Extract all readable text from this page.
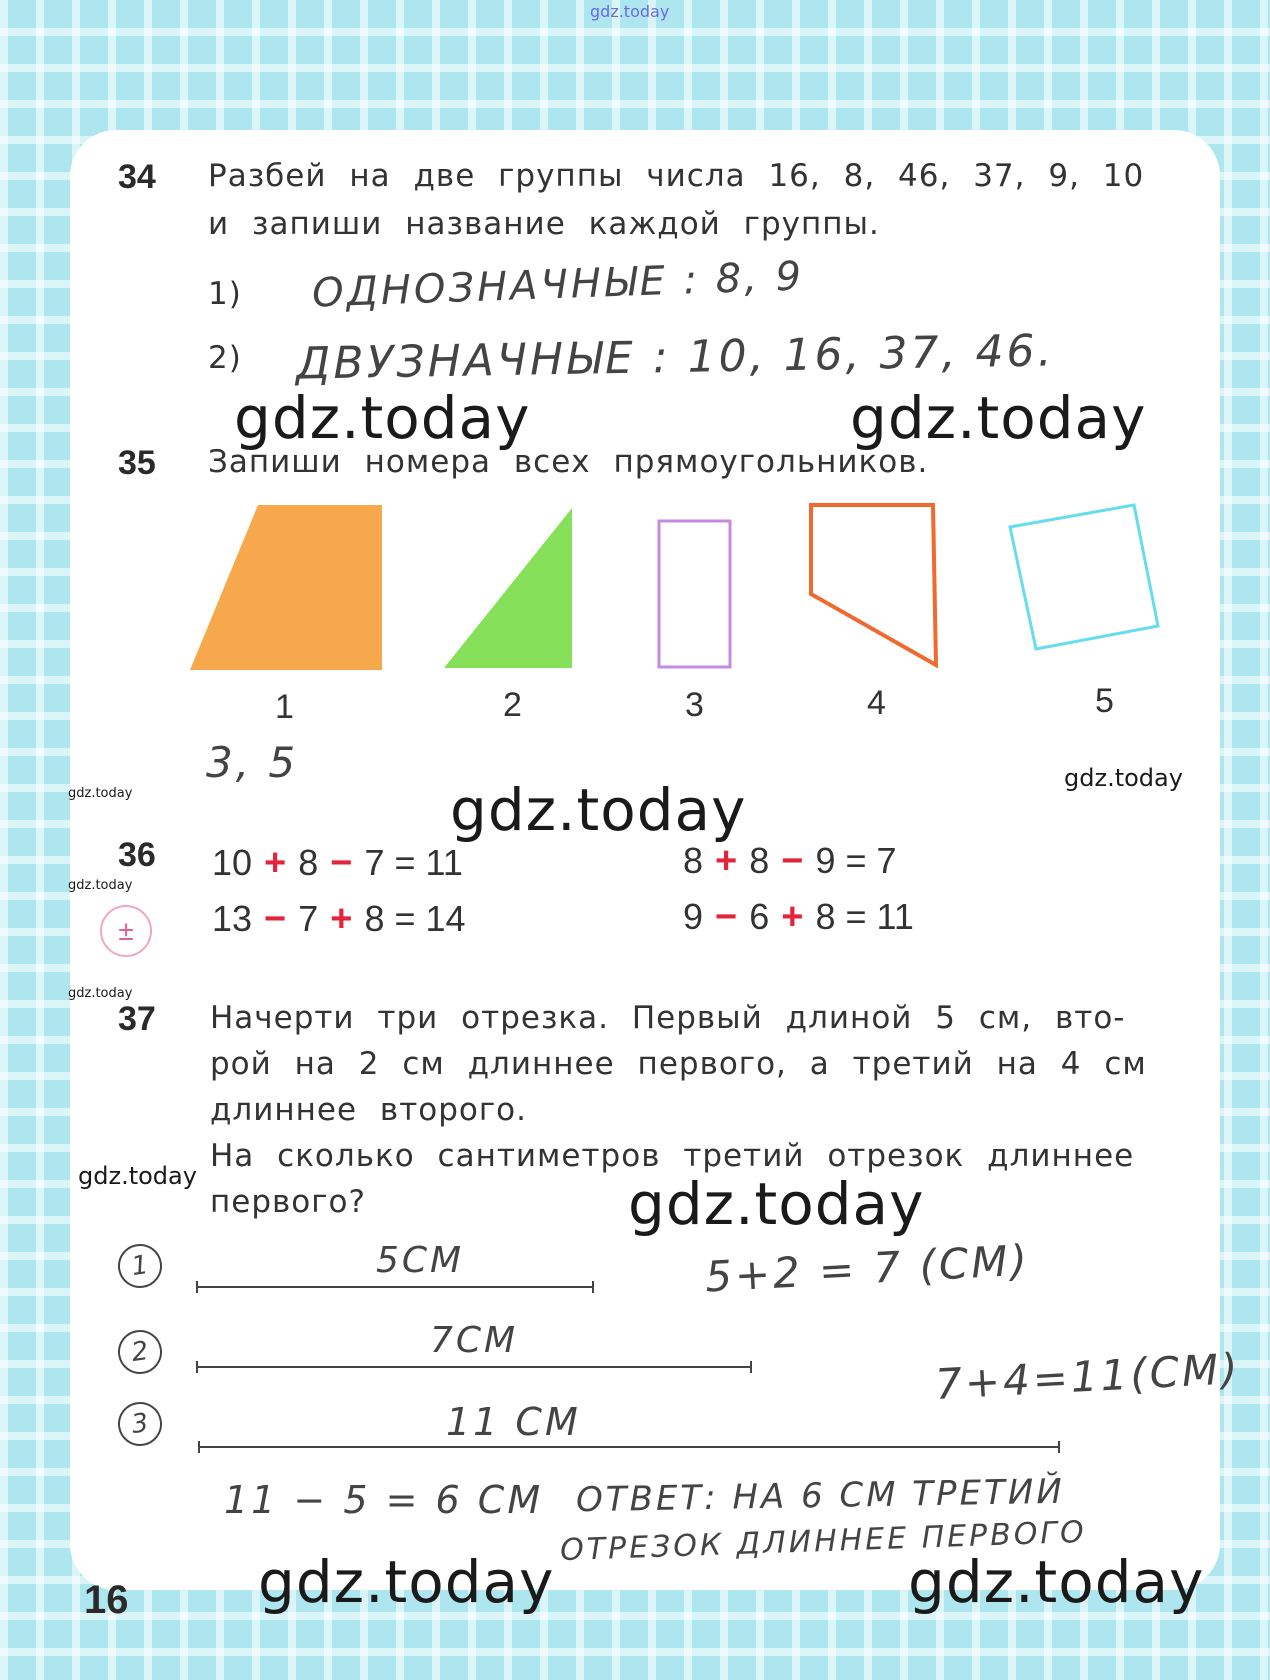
gdz.today
34 Разбей на две группы числа 16, 8, 46, 37, 9, 10
и запиши название каждой группы.
1) ОДНОЗНАЧНЫЕ : 8, 9
2) ДВУЗНАЧНЫЕ : 10, 16, 37, 46.
gdz.today	gdz.today
35 Запиши номера всех прямоугольников.
1	2	3	4	5
3, 5	gdz.today
gdz.today	gdz.today
36
gdz.today
±
10 + 8 − 7 = 11	8 + 8 − 9 = 7
13 − 7 + 8 = 14	9 − 6 + 8 = 11
gdz.today
37 Начерти три отрезка. Первый длиной 5 см, вто-
рой на 2 см длиннее первого, а третий на 4 см
длиннее второго.
На сколько сантиметров третий отрезок длиннее
первого?
gdz.today	gdz.today
1	5СМ	5+2 = 7 (СМ)
2	7СМ
7+4=11(СМ)
3	11 СМ
11 − 5 = 6 СМ ОТВЕТ: НА 6 СМ ТРЕТИЙ
ОТРЕЗОК ДЛИННЕЕ ПЕРВОГО
16 gdz.today	gdz.today
